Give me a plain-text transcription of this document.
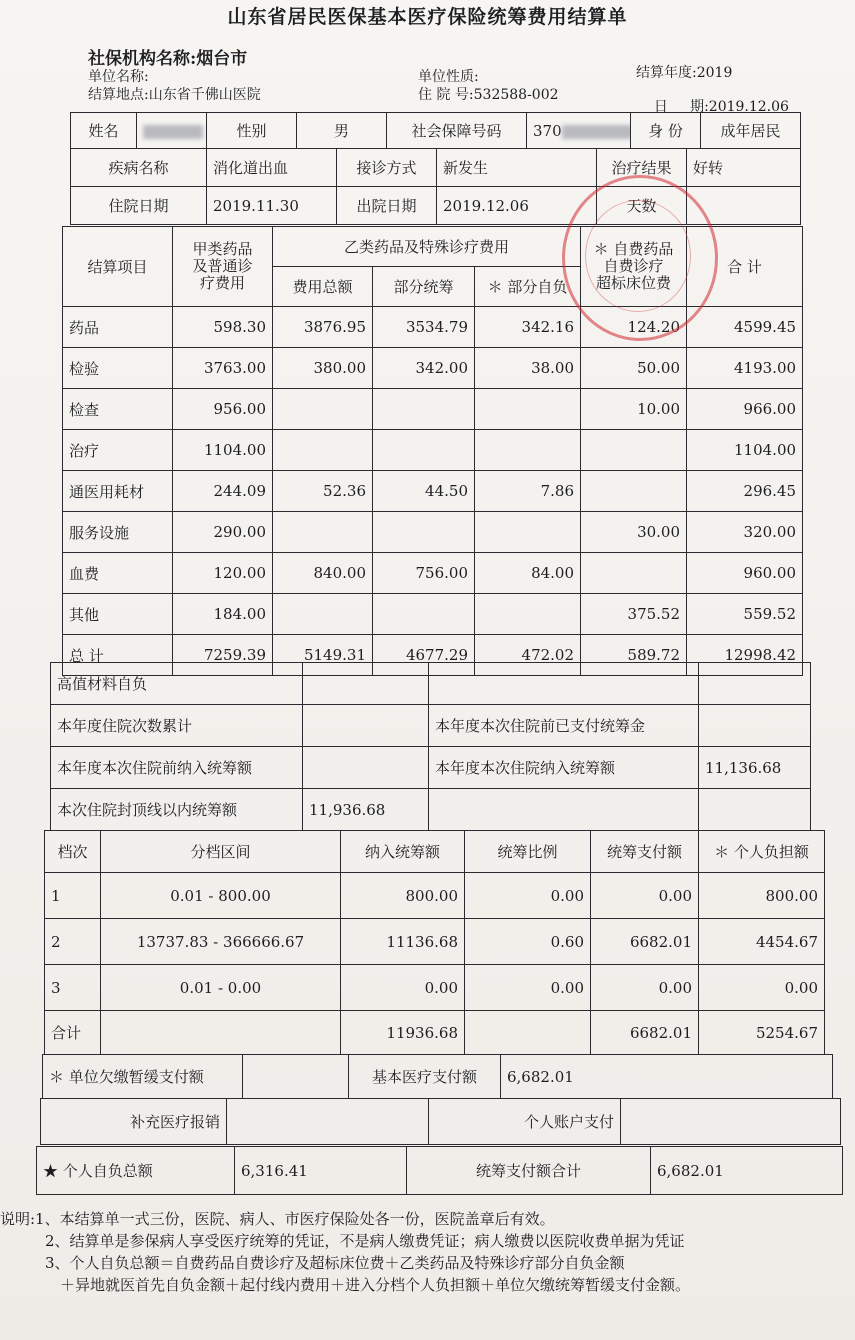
山东省居民医保基本医疗保险统筹费用结算单
社保机构名称:烟台市
单位名称:
结算地点:山东省千佛山医院
单位性质:
住 院 号:532588-002
结算年度:2019

日     期:2019.12.06

姓名		性别	男	社会保障号码	370	身 份	成年居民
疾病名称	消化道出血	接诊方式	新发生	治疗结果	好转
住院日期	2019.11.30	出院日期	2019.12.06	天数	
结算项目	甲类药品
及普通诊
疗费用	乙类药品及特殊诊疗费用			＊ 自费药品
自费诊疗
超标床位费	合 计
		费用总额	部分统筹	＊ 部分自负		
药品	598.30	3876.95	3534.79	342.16	124.20	4599.45
检验	3763.00	380.00	342.00	38.00	50.00	4193.00
检查	956.00				10.00	966.00
治疗	1104.00					1104.00
通医用耗材	244.09	52.36	44.50	7.86		296.45
服务设施	290.00				30.00	320.00
血费	120.00	840.00	756.00	84.00		960.00
其他	184.00				375.52	559.52
总 计	7259.39	5149.31	4677.29	472.02	589.72	12998.42
高值材料自负			
本年度住院次数累计		本年度本次住院前已支付统筹金	
本年度本次住院前纳入统筹额		本年度本次住院纳入统筹额	11,136.68
本次住院封顶线以内统筹额	11,936.68		
档次	分档区间	纳入统筹额	统筹比例	统筹支付额	＊ 个人负担额
1	0.01 - 800.00	800.00	0.00	0.00	800.00
2	13737.83 - 366666.67	11136.68	0.60	6682.01	4454.67
3	0.01 - 0.00	0.00	0.00	0.00	0.00
合计		11936.68		6682.01	5254.67
＊ 单位欠缴暂缓支付额		基本医疗支付额	6,682.01
补充医疗报销		个人账户支付	
★ 个人自负总额	6,316.41	统筹支付额合计	6,682.01
说明:1、本结算单一式三份，医院、病人、市医疗保险处各一份，医院盖章后有效。
　　　2、结算单是参保病人享受医疗统筹的凭证，不是病人缴费凭证；病人缴费以医院收费单据为凭证
　　　3、个人自负总额＝自费药品自费诊疗及超标床位费＋乙类药品及特殊诊疗部分自负金额
　　　　＋异地就医首先自负金额＋起付线内费用＋进入分档个人负担额＋单位欠缴统筹暂缓支付金额。
